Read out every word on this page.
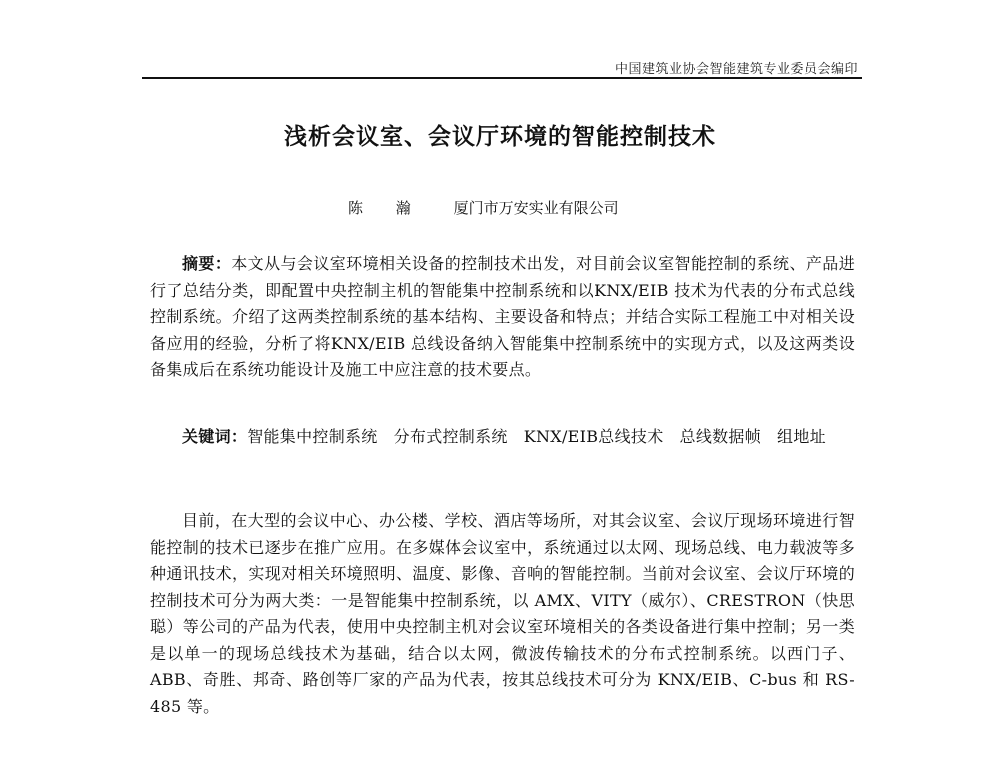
中国建筑业协会智能建筑专业委员会编印
浅析会议室、会议厅环境的智能控制技术
陈 瀚 厦门市万安实业有限公司
摘要：本文从与会议室环境相关设备的控制技术出发，对目前会议室智能控制的系统、产品进行了总结分类，即配置中央控制主机的智能集中控制系统和以KNX/EIB 技术为代表的分布式总线控制系统。介绍了这两类控制系统的基本结构、主要设备和特点；并结合实际工程施工中对相关设备应用的经验，分析了将KNX/EIB 总线设备纳入智能集中控制系统中的实现方式，以及这两类设备集成后在系统功能设计及施工中应注意的技术要点。
关键词：智能集中控制系统 分布式控制系统 KNX/EIB总线技术 总线数据帧 组地址
目前，在大型的会议中心、办公楼、学校、酒店等场所，对其会议室、会议厅现场环境进行智能控制的技术已逐步在推广应用。在多媒体会议室中，系统通过以太网、现场总线、电力载波等多种通讯技术，实现对相关环境照明、温度、影像、音响的智能控制。当前对会议室、会议厅环境的控制技术可分为两大类：一是智能集中控制系统，以 AMX、VITY（威尔）、CRESTRON（快思聪）等公司的产品为代表，使用中央控制主机对会议室环境相关的各类设备进行集中控制；另一类是以单一的现场总线技术为基础，结合以太网，微波传输技术的分布式控制系统。以西门子、ABB、奇胜、邦奇、路创等厂家的产品为代表，按其总线技术可分为 KNX/EIB、C-bus 和 RS-485 等。
